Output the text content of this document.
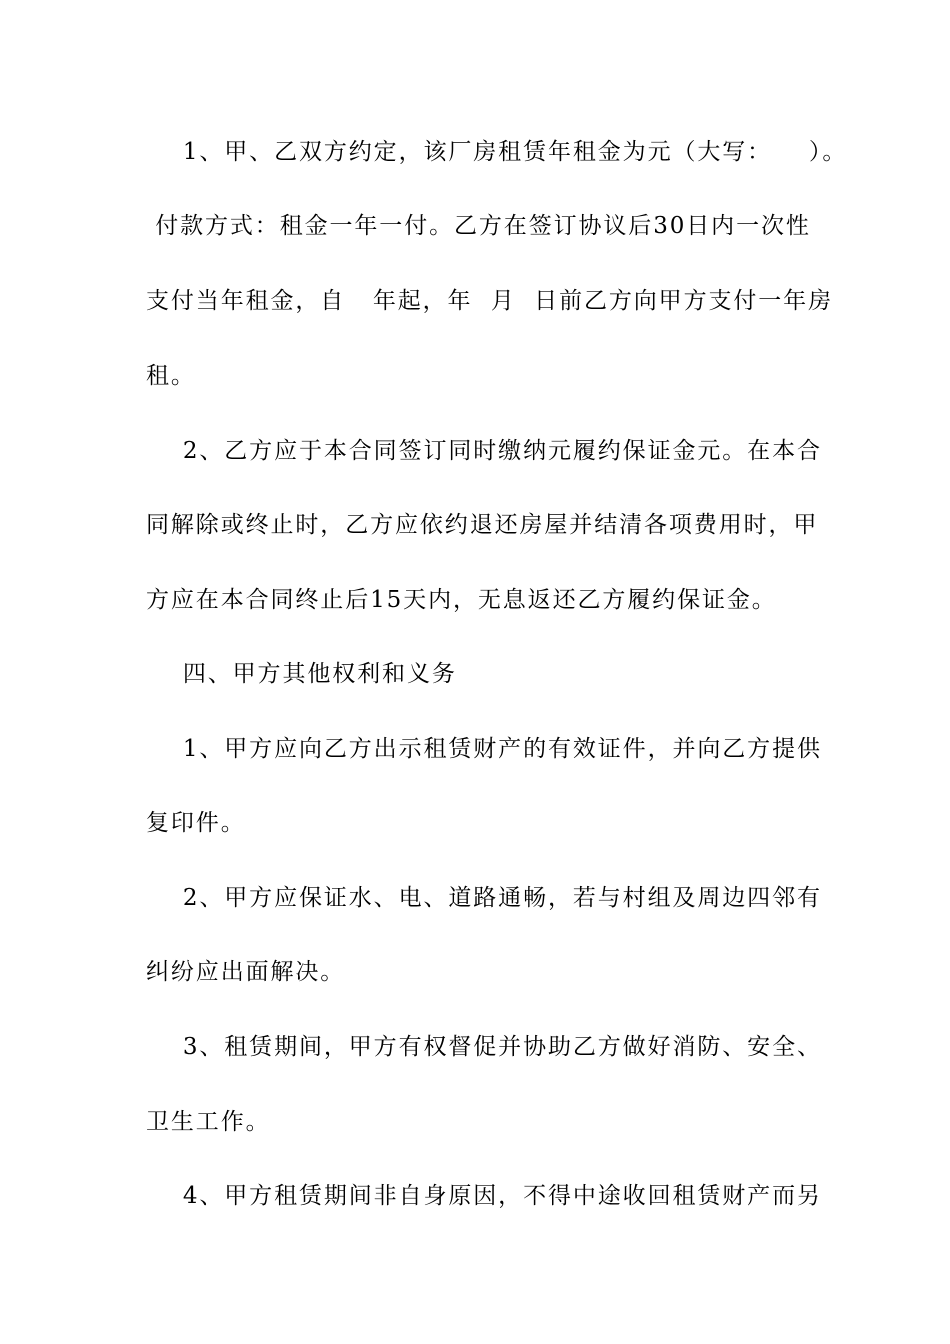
1、甲、乙双方约定，该厂房租赁年租金为元（大写：    ）。
付款方式：租金一年一付。乙方在签订协议后30日内一次性
支付当年租金，自   年起，年  月  日前乙方向甲方支付一年房
租。
2、乙方应于本合同签订同时缴纳元履约保证金元。在本合
同解除或终止时，乙方应依约退还房屋并结清各项费用时，甲
方应在本合同终止后15天内，无息返还乙方履约保证金。
四、甲方其他权利和义务
1、甲方应向乙方出示租赁财产的有效证件，并向乙方提供
复印件。
2、甲方应保证水、电、道路通畅，若与村组及周边四邻有
纠纷应出面解决。
3、租赁期间，甲方有权督促并协助乙方做好消防、安全、
卫生工作。
4、甲方租赁期间非自身原因，不得中途收回租赁财产而另
